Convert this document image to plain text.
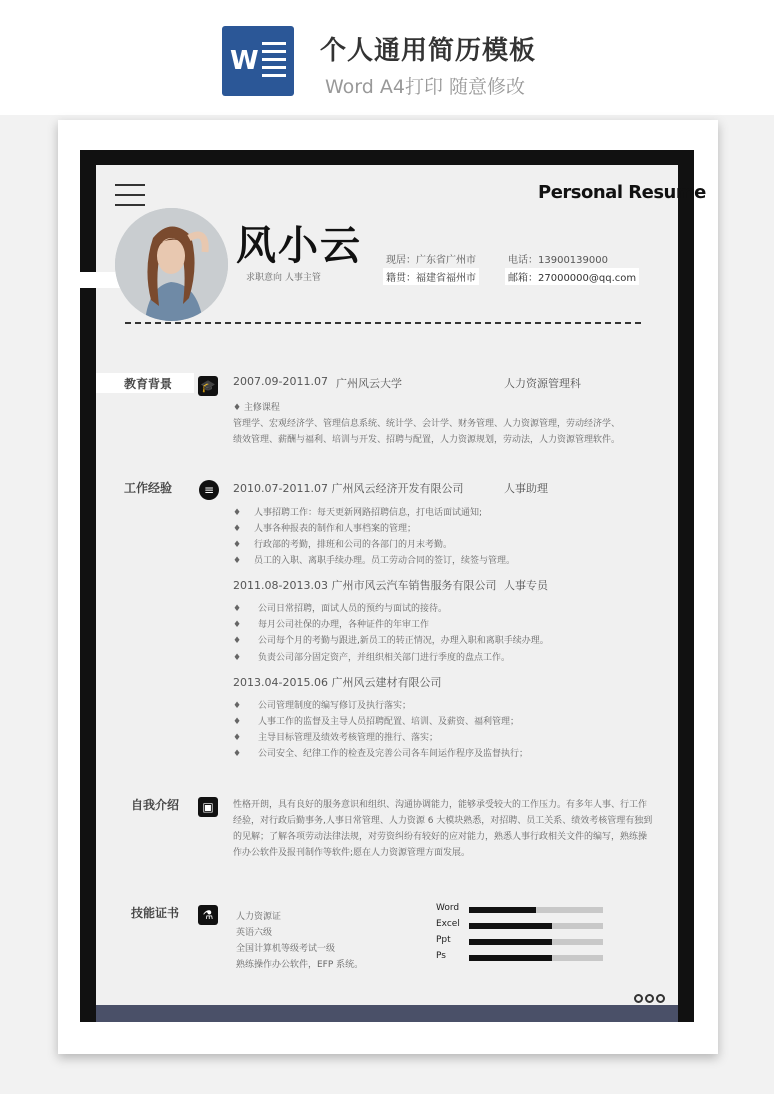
W 个人通用简历模板
Word A4打印 随意修改
Personal Resume
风小云
求职意向 人事主管
现居：广东省广州市	电话：13900139000
籍贯：福建省福州市	邮箱：27000000@qq.com
教育背景 🎓 2007.09-2011.07 广州风云大学	人力资源管理科
♦ 主修课程
管理学、宏观经济学、管理信息系统、统计学、会计学、财务管理、人力资源管理，劳动经济学、
绩效管理、薪酬与福利、培训与开发、招聘与配置，人力资源规划，劳动法，人力资源管理软件。
工作经验	≡	2010.07-2011.07 广州风云经济开发有限公司	人事助理
♦ 人事招聘工作：每天更新网路招聘信息，打电话面试通知;
♦ 人事各种报表的制作和人事档案的管理；
♦ 行政部的考勤，排班和公司的各部门的月末考勤。
♦ 员工的入职、离职手续办理。员工劳动合同的签订，续签与管理。
2011.08-2013.03 广州市风云汽车销售服务有限公司 人事专员
♦ 公司日常招聘，面试人员的预约与面试的接待。
♦ 每月公司社保的办理，各种证件的年审工作
♦ 公司每个月的考勤与跟进,新员工的转正情况，办理入职和离职手续办理。
♦ 负责公司部分固定资产，并组织相关部门进行季度的盘点工作。
2013.04-2015.06 广州风云建材有限公司
♦ 公司管理制度的编写修订及执行落实；
♦ 人事工作的监督及主导人员招聘配置、培训、及薪资、福利管理；
♦ 主导目标管理及绩效考核管理的推行、落实；
♦ 公司安全、纪律工作的检查及完善公司各车间运作程序及监督执行；
自我介绍	▣	性格开朗，具有良好的服务意识和组织、沟通协调能力，能够承受较大的工作压力。有多年人事、行工作
经验，对行政后勤事务,人事日常管理、人力资源 6 大模块熟悉，对招聘、员工关系、绩效考核管理有独到
的见解；了解各项劳动法律法规，对劳资纠纷有较好的应对能力，熟悉人事行政相关文件的编写，熟练操
作办公软件及报刊制作等软件;愿在人力资源管理方面发展。
技能证书	⚗	人力资源证
英语六级
全国计算机等级考试一级
熟练操作办公软件，EFP 系统。
Word
Excel
Ppt
Ps
